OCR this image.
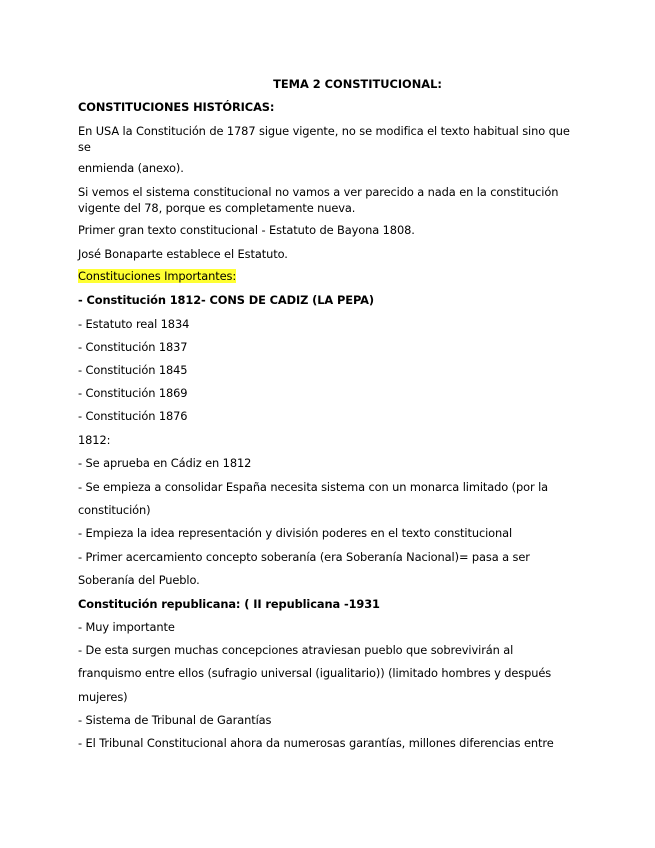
TEMA 2 CONSTITUCIONAL:
CONSTITUCIONES HISTÓRICAS:
En USA la Constitución de 1787 sigue vigente, no se modifica el texto habitual sino que se
enmienda (anexo).
Si vemos el sistema constitucional no vamos a ver parecido a nada en la constitución vigente del 78, porque es completamente nueva.
Primer gran texto constitucional - Estatuto de Bayona 1808.
José Bonaparte establece el Estatuto.
Constituciones Importantes:
- Constitución 1812- CONS DE CADIZ (LA PEPA)
- Estatuto real 1834
- Constitución 1837
- Constitución 1845
- Constitución 1869
- Constitución 1876
1812:
- Se aprueba en Cádiz en 1812
- Se empieza a consolidar España necesita sistema con un monarca limitado (por la
constitución)
- Empieza la idea representación y división poderes en el texto constitucional
- Primer acercamiento concepto soberanía (era Soberanía Nacional)= pasa a ser
Soberanía del Pueblo.
Constitución republicana: ( II republicana -1931
- Muy importante
- De esta surgen muchas concepciones atraviesan pueblo que sobrevivirán al
franquismo entre ellos (sufragio universal (igualitario)) (limitado hombres y después
mujeres)
- Sistema de Tribunal de Garantías
- El Tribunal Constitucional ahora da numerosas garantías, millones diferencias entre
